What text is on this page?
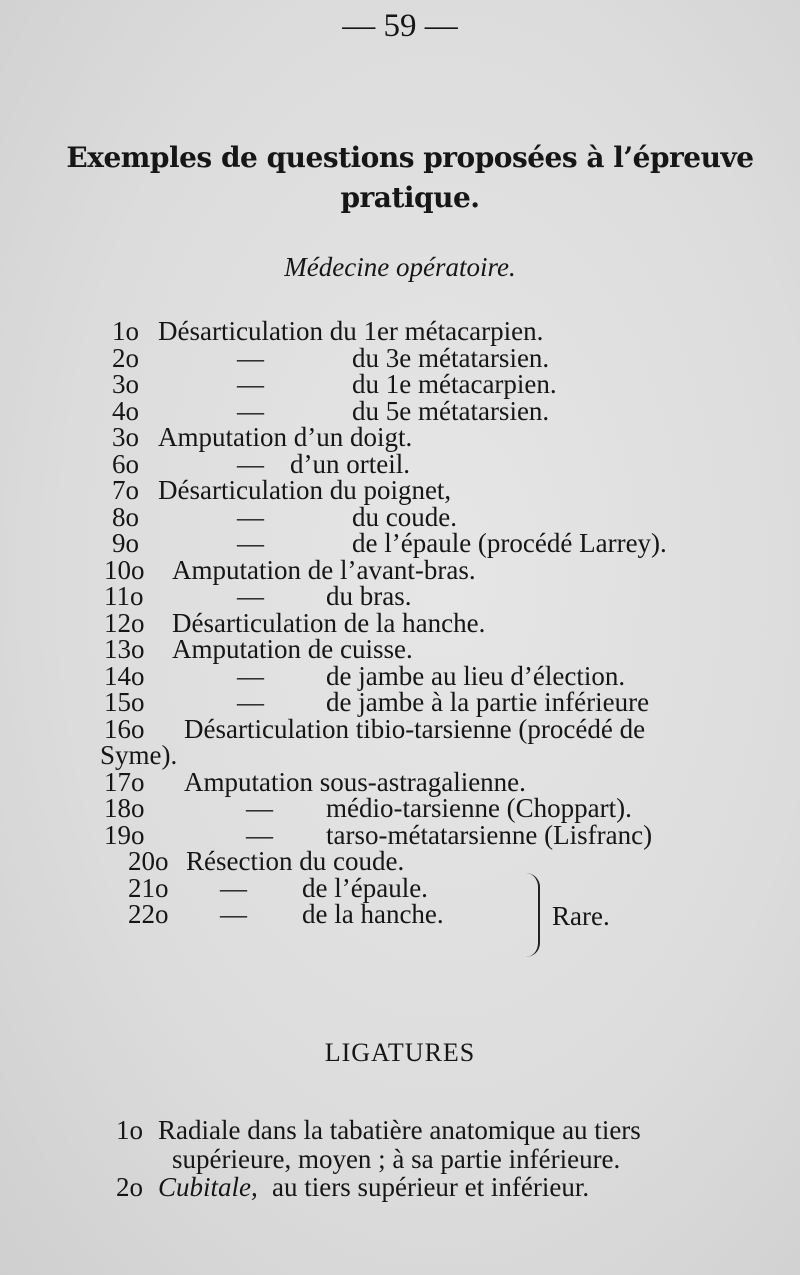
— 59 —
Exemples de questions proposées à l’épreuve pratique.
Médecine opératoire.
1o Désarticulation du 1er métacarpien.
2o	—	du 3e métatarsien.
3o	—	du 1e métacarpien.
4o	—	du 5e métatarsien.
3o Amputation d’un doigt.
6o	— d’un orteil.
7o Désarticulation du poignet,
8o	—	du coude.
9o	—	de l’épaule (procédé Larrey).
10o Amputation de l’avant-bras.
11o	— du bras.
12o Désarticulation de la hanche.
13o Amputation de cuisse.
14o	— de jambe au lieu d’élection.
15o	— de jambe à la partie inférieure
16o Désarticulation tibio-tarsienne (procédé de
Syme).
17o Amputation sous-astragalienne.
18o	— médio-tarsienne (Choppart).
19o	— tarso-métatarsienne (Lisfranc)
20o Résection du coude.
21o — de l’épaule.
22o — de la hanche.	Rare.
LIGATURES
1o Radiale dans la tabatière anatomique au tiers
supérieure, moyen ; à sa partie inférieure.
2o Cubitale, au tiers supérieur et inférieur.
